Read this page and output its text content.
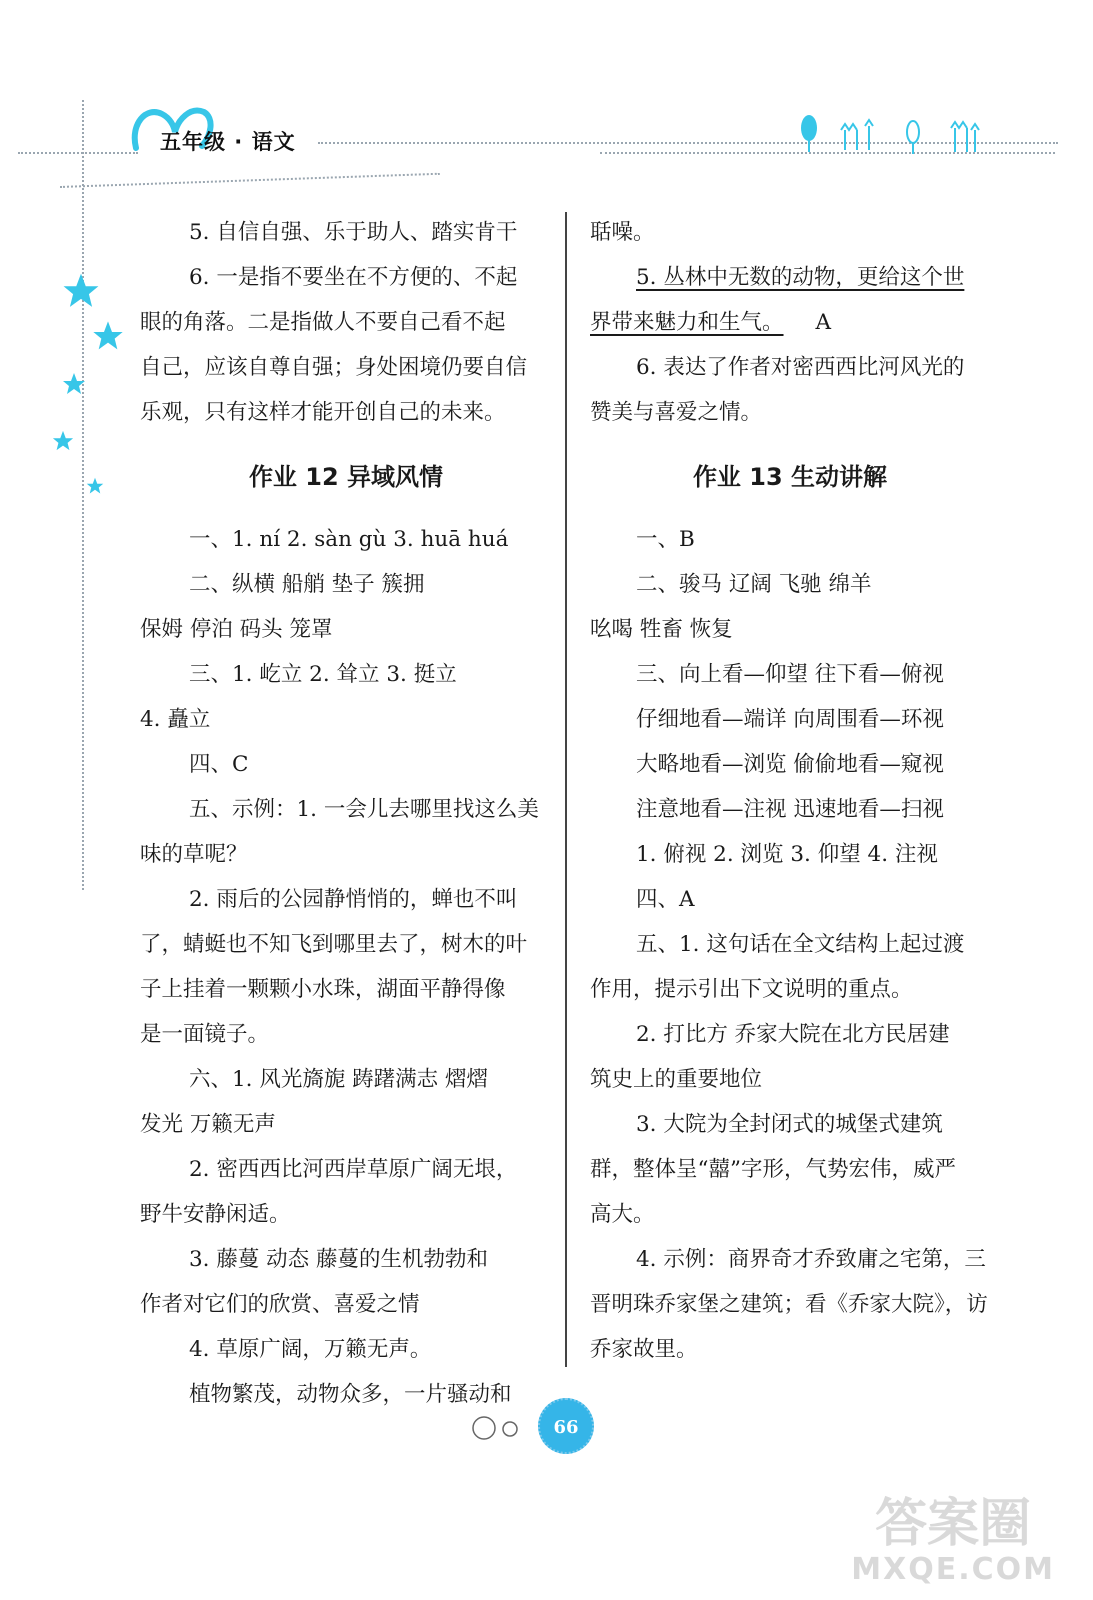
五年级 · 语文
5. 自信自强、乐于助人、踏实肯干
6. 一是指不要坐在不方便的、不起
眼的角落。二是指做人不要自己看不起
自己，应该自尊自强；身处困境仍要自信
乐观，只有这样才能开创自己的未来。
作业 12 异域风情
一、1. ní 2. sàn gù 3. huā huá
二、纵横 船艄 垫子 簇拥
保姆 停泊 码头 笼罩
三、1. 屹立 2. 耸立 3. 挺立
4. 矗立
四、C
五、示例：1. 一会儿去哪里找这么美
味的草呢？
2. 雨后的公园静悄悄的，蝉也不叫
了，蜻蜓也不知飞到哪里去了，树木的叶
子上挂着一颗颗小水珠，湖面平静得像
是一面镜子。
六、1. 风光旖旎 踌躇满志 熠熠
发光 万籁无声
2. 密西西比河西岸草原广阔无垠，
野牛安静闲适。
3. 藤蔓 动态 藤蔓的生机勃勃和
作者对它们的欣赏、喜爱之情
4. 草原广阔，万籁无声。
植物繁茂，动物众多，一片骚动和
聒噪。
5. 丛林中无数的动物，更给这个世
界带来魅力和生气。 A
6. 表达了作者对密西西比河风光的
赞美与喜爱之情。
作业 13 生动讲解
一、B
二、骏马 辽阔 飞驰 绵羊
吆喝 牲畜 恢复
三、向上看—仰望 往下看—俯视
仔细地看—端详 向周围看—环视
大略地看—浏览 偷偷地看—窥视
注意地看—注视 迅速地看—扫视
1. 俯视 2. 浏览 3. 仰望 4. 注视
四、A
五、1. 这句话在全文结构上起过渡
作用，提示引出下文说明的重点。
2. 打比方 乔家大院在北方民居建
筑史上的重要地位
3. 大院为全封闭式的城堡式建筑
群，整体呈“囍”字形，气势宏伟，威严
高大。
4. 示例：商界奇才乔致庸之宅第，三
晋明珠乔家堡之建筑；看《乔家大院》，访
乔家故里。
66
答案圈
MXQE.COM
